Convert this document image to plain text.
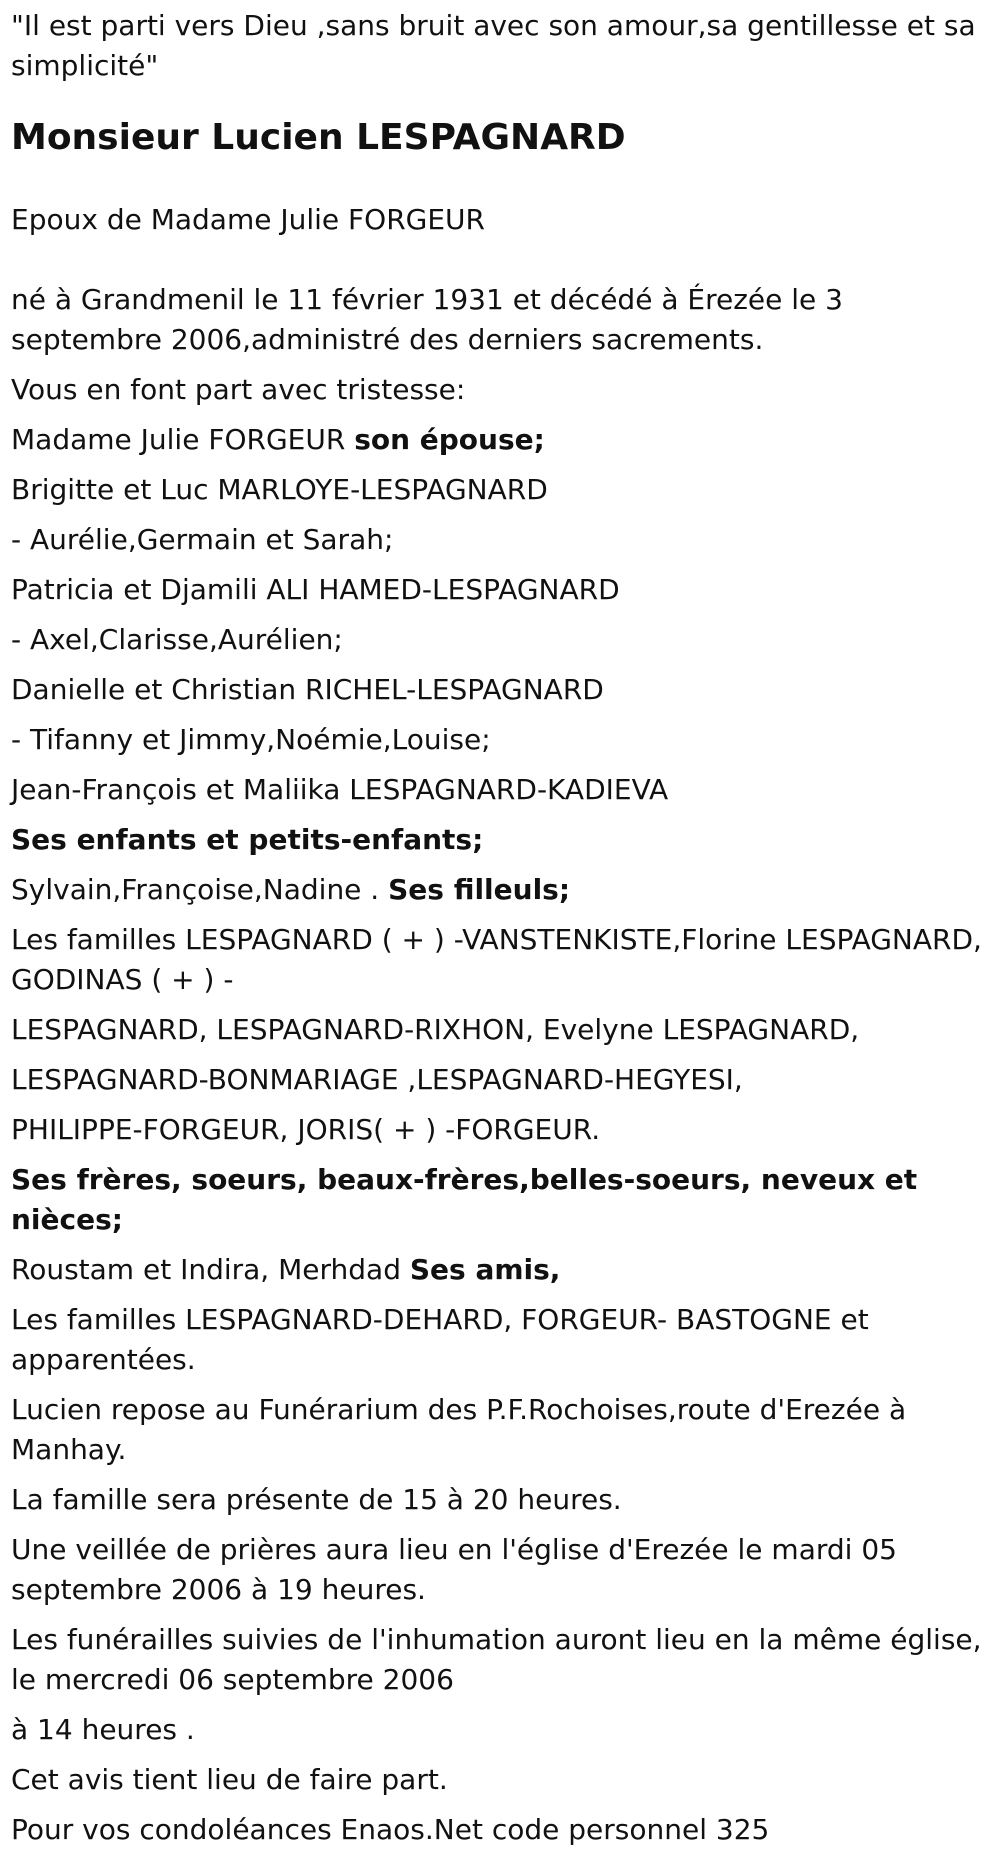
"Il est parti vers Dieu ,sans bruit avec son amour,sa gentillesse et sa simplicité"

Monsieur Lucien LESPAGNARD

Epoux de Madame Julie FORGEUR

né à Grandmenil le 11 février 1931 et décédé à Érezée le 3 septembre 2006,administré des derniers sacrements.

Vous en font part avec tristesse:

Madame Julie FORGEUR son épouse;

Brigitte et Luc MARLOYE-LESPAGNARD

- Aurélie,Germain et Sarah;

Patricia et Djamili ALI HAMED-LESPAGNARD

- Axel,Clarisse,Aurélien;

Danielle et Christian RICHEL-LESPAGNARD

- Tifanny et Jimmy,Noémie,Louise;

Jean-François et Maliika LESPAGNARD-KADIEVA

Ses enfants et petits-enfants;

Sylvain,Françoise,Nadine . Ses filleuls;

Les familles LESPAGNARD ( + ) -VANSTENKISTE,Florine LESPAGNARD, GODINAS ( + ) -

LESPAGNARD, LESPAGNARD-RIXHON, Evelyne LESPAGNARD,

LESPAGNARD-BONMARIAGE ,LESPAGNARD-HEGYESI,

PHILIPPE-FORGEUR, JORIS( + ) -FORGEUR.

Ses frères, soeurs, beaux-frères,belles-soeurs, neveux et nièces;

Roustam et Indira, Merhdad Ses amis,

Les familles LESPAGNARD-DEHARD, FORGEUR- BASTOGNE et apparentées.

Lucien repose au Funérarium des P.F.Rochoises,route d'Erezée à Manhay.

La famille sera présente de 15 à 20 heures.

Une veillée de prières aura lieu en l'église d'Erezée le mardi 05 septembre 2006 à 19 heures.

Les funérailles suivies de l'inhumation auront lieu en la même église, le mercredi 06 septembre 2006

à 14 heures .

Cet avis tient lieu de faire part.

Pour vos condoléances Enaos.Net code personnel 325
